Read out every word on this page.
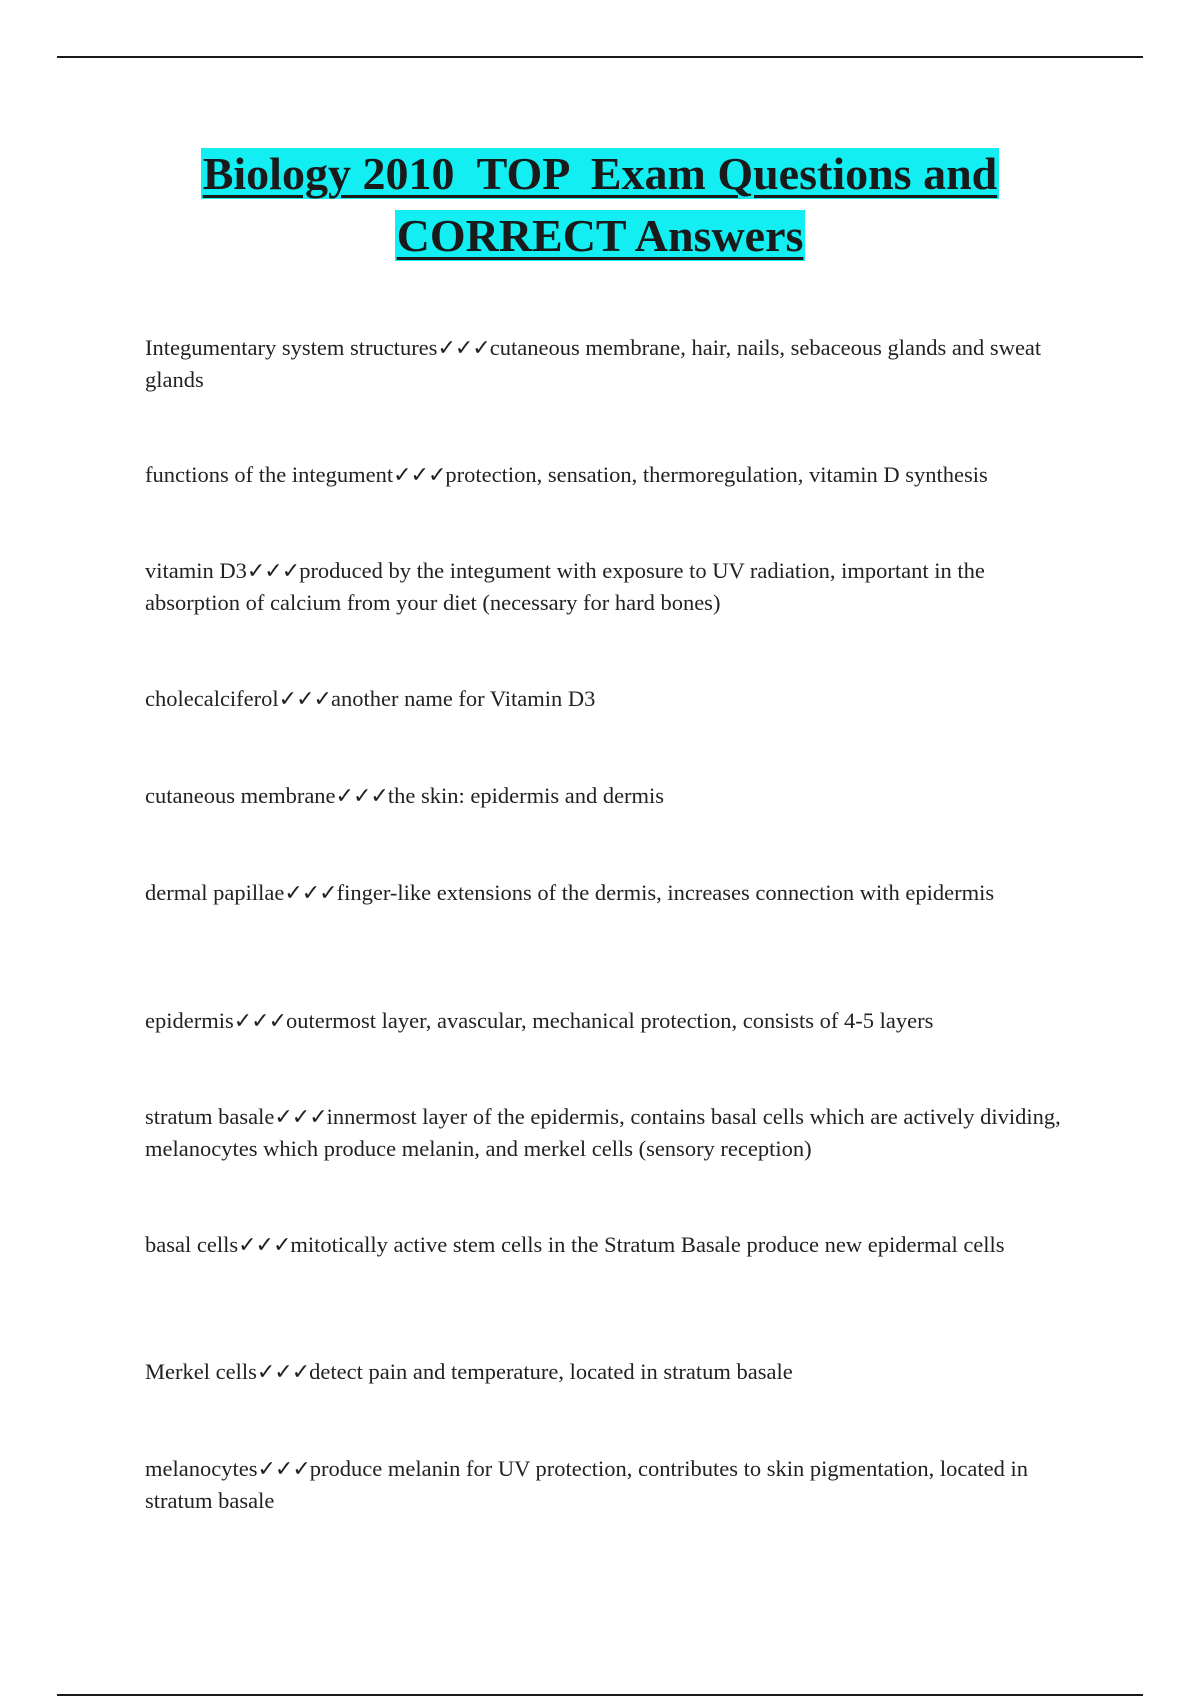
Biology 2010  TOP  Exam Questions and
CORRECT Answers
Integumentary system structures✓✓✓cutaneous membrane, hair, nails, sebaceous glands and sweat glands
functions of the integument✓✓✓protection, sensation, thermoregulation, vitamin D synthesis
vitamin D3✓✓✓produced by the integument with exposure to UV radiation, important in the absorption of calcium from your diet (necessary for hard bones)
cholecalciferol✓✓✓another name for Vitamin D3
cutaneous membrane✓✓✓the skin: epidermis and dermis
dermal papillae✓✓✓finger-like extensions of the dermis, increases connection with epidermis
epidermis✓✓✓outermost layer, avascular, mechanical protection, consists of 4-5 layers
stratum basale✓✓✓innermost layer of the epidermis, contains basal cells which are actively dividing, melanocytes which produce melanin, and merkel cells (sensory reception)
basal cells✓✓✓mitotically active stem cells in the Stratum Basale produce new epidermal cells
Merkel cells✓✓✓detect pain and temperature, located in stratum basale
melanocytes✓✓✓produce melanin for UV protection, contributes to skin pigmentation, located in stratum basale
